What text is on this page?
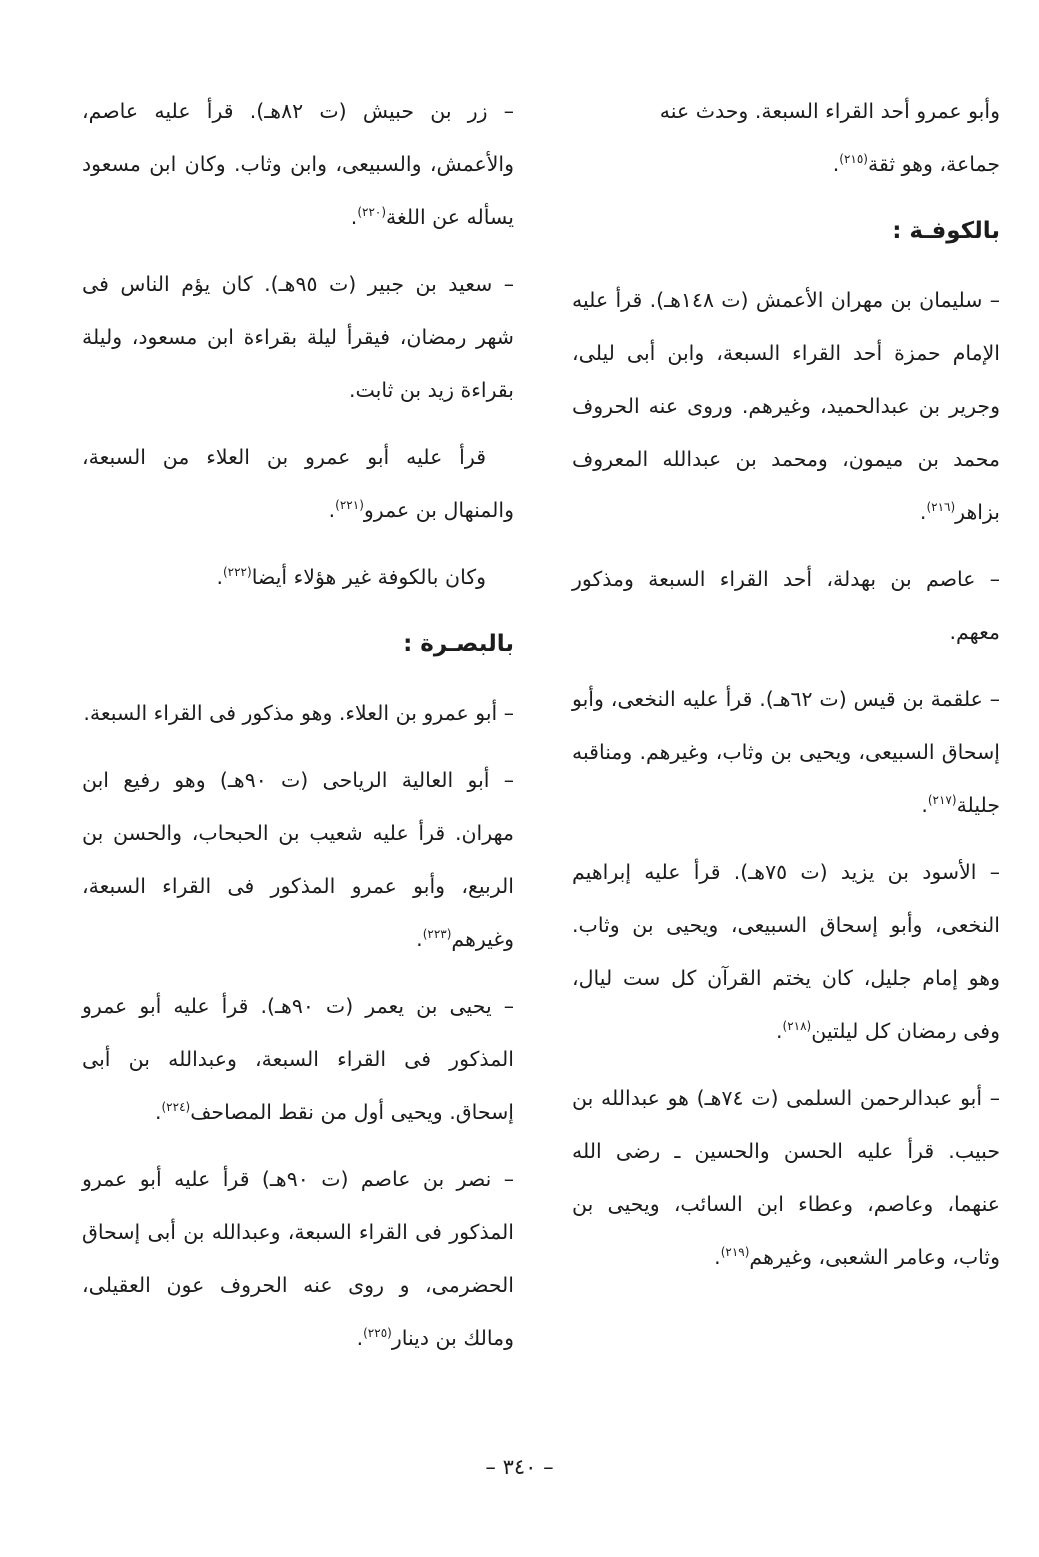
وأبو عمرو أحد القراء السبعة. وحدث عنه
جماعة، وهو ثقة$^{(٢١٥)}$.
بالكوفـة :
– سليمان بن مهران الأعمش (ت ١٤٨هـ). قرأ عليه الإمام حمزة أحد القراء السبعة، وابن أبى ليلى، وجرير بن عبدالحميد، وغيرهم. وروى عنه الحروف محمد بن ميمون، ومحمد بن عبدالله المعروف بزاهر$^{(٢١٦)}$.
– عاصم بن بهدلة، أحد القراء السبعة ومذكور معهم.
– علقمة بن قيس (ت ٦٢هـ). قرأ عليه النخعى، وأبو إسحاق السبيعى، ويحيى بن وثاب، وغيرهم. ومناقبه جليلة$^{(٢١٧)}$.
– الأسود بن يزيد (ت ٧٥هـ). قرأ عليه إبراهيم النخعى، وأبو إسحاق السبيعى، ويحيى بن وثاب. وهو إمام جليل، كان يختم القرآن كل ست ليال، وفى رمضان كل ليلتين$^{(٢١٨)}$.
– أبو عبدالرحمن السلمى (ت ٧٤هـ) هو عبدالله بن حبيب. قرأ عليه الحسن والحسين ـ رضى الله عنهما، وعاصم، وعطاء ابن السائب، ويحيى بن وثاب، وعامر الشعبى، وغيرهم$^{(٢١٩)}$.
– زر بن حبيش (ت ٨٢هـ). قرأ عليه عاصم، والأعمش، والسبيعى، وابن وثاب. وكان ابن مسعود يسأله عن اللغة$^{(٢٢٠)}$.
– سعيد بن جبير (ت ٩٥هـ). كان يؤم الناس فى شهر رمضان، فيقرأ ليلة بقراءة ابن مسعود، وليلة بقراءة زيد بن ثابت.
قرأ عليه أبو عمرو بن العلاء من السبعة، والمنهال بن عمرو$^{(٢٢١)}$.
وكان بالكوفة غير هؤلاء أيضا$^{(٢٢٢)}$.
بالبصـرة :
– أبو عمرو بن العلاء. وهو مذكور فى القراء السبعة.
– أبو العالية الرياحى (ت ٩٠هـ) وهو رفيع ابن مهران. قرأ عليه شعيب بن الحبحاب، والحسن بن الربيع، وأبو عمرو المذكور فى القراء السبعة، وغيرهم$^{(٢٢٣)}$.
– يحيى بن يعمر (ت ٩٠هـ). قرأ عليه أبو عمرو المذكور فى القراء السبعة، وعبدالله بن أبى إسحاق. ويحيى أول من نقط المصاحف$^{(٢٢٤)}$.
– نصر بن عاصم (ت ٩٠هـ) قرأ عليه أبو عمرو المذكور فى القراء السبعة، وعبدالله بن أبى إسحاق الحضرمى، و روى عنه الحروف عون العقيلى، ومالك بن دينار$^{(٢٢٥)}$.
– ٣٤٠ –
